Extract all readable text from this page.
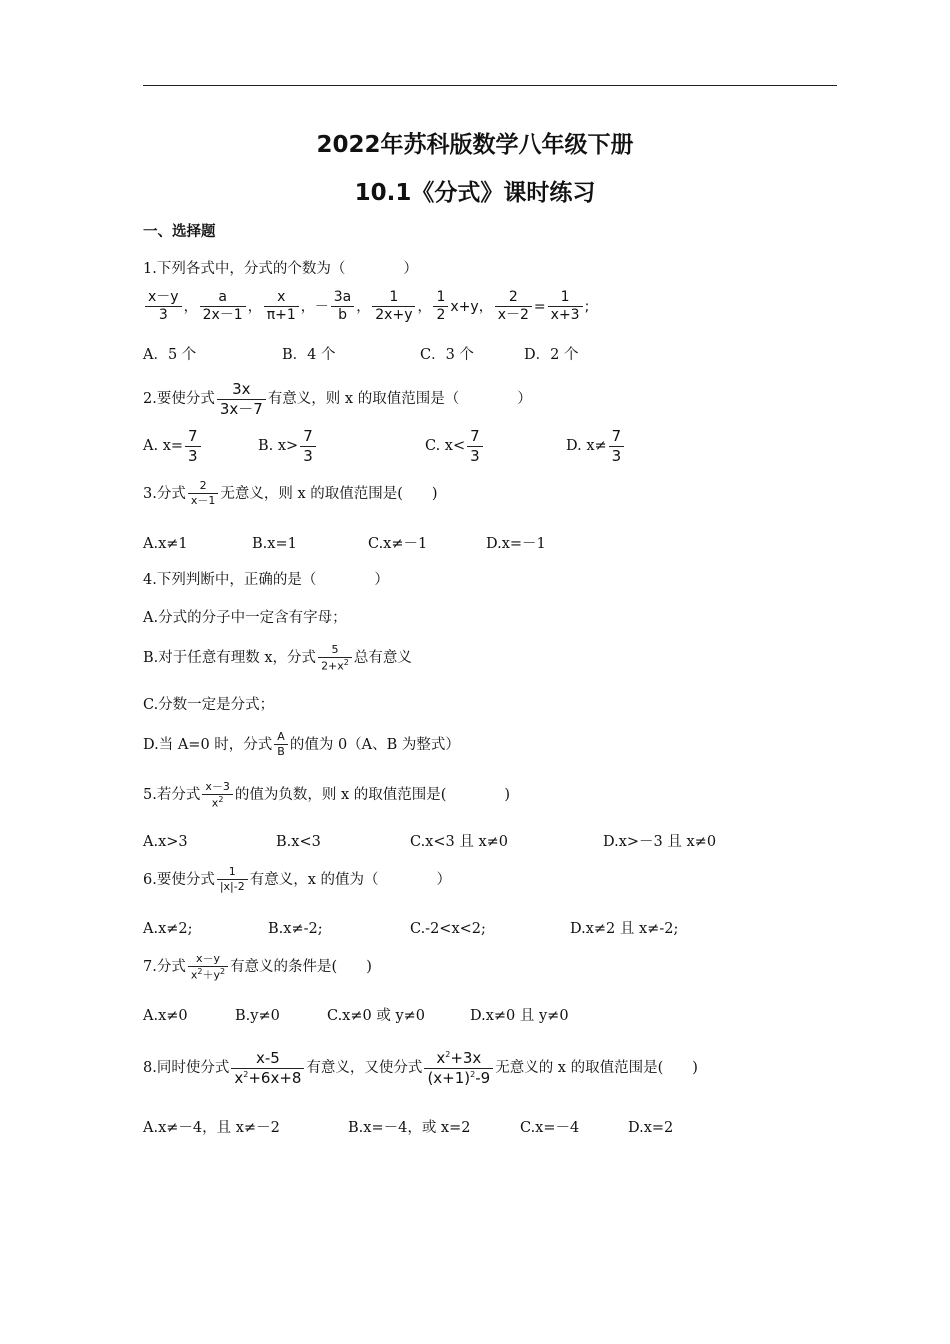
2022年苏科版数学八年级下册
10.1《分式》课时练习
一、选择题
1.下列各式中，分式的个数为（　　　　）
$\frac{x-y}{3}$ ， $\frac{a}{2x-1}$ ， $\frac{x}{\pi+1}$ ， － $\frac{3a}{b}$ ， $\frac{1}{2x+y}$ ， $\frac{1}{2} x+y$ ， $\frac{2}{x-2} = \frac{1}{x+3}$ ;
A．5 个	B．4 个	C．3 个	D．2 个
2.要使分式 $\frac{3x}{3x-7}$ 有意义，则 x 的取值范围是（　　　　）
A. $x= \frac{7}{3}$	B. $x> \frac{7}{3}$	C. $x< \frac{7}{3}$	D. $x\ne \frac{7}{3}$
3.分式 $\frac{2}{x-1}$ 无意义，则 x 的取值范围是(　　)
A.x≠1	B.x=1	C.x≠－1	D.x=－1
4.下列判断中，正确的是（　　　　）
A.分式的分子中一定含有字母；
B.对于任意有理数 x，分式 $\frac{5}{2+x^2}$ 总有意义
C.分数一定是分式；
D.当 A=0 时，分式 $\frac{A}{B}$ 的值为 0（A、B 为整式）
5.若分式 $\frac{x-3}{x^2}$ 的值为负数，则 x 的取值范围是(　　　　)
A.x>3	B.x<3	C.x<3 且 x≠0	D.x>－3 且 x≠0
6.要使分式 $\frac{1}{|x|-2}$ 有意义，x 的值为（　　　　）
A.x≠2;	B.x≠-2;	C.-2<x<2;	D.x≠2 且 x≠-2;
7.分式 $\frac{x-y}{x^2+y^2}$ 有意义的条件是(　　)
A.x≠0	B.y≠0	C.x≠0 或 y≠0	D.x≠0 且 y≠0
8.同时使分式 $\frac{x-5}{x^2+6x+8}$ 有意义，又使分式 $\frac{x^2+3x}{(x+1)^2-9}$ 无意义的 x 的取值范围是(　　)
A.x≠－4，且 x≠－2	B.x=－4，或 x=2	C.x=－4	D.x=2
